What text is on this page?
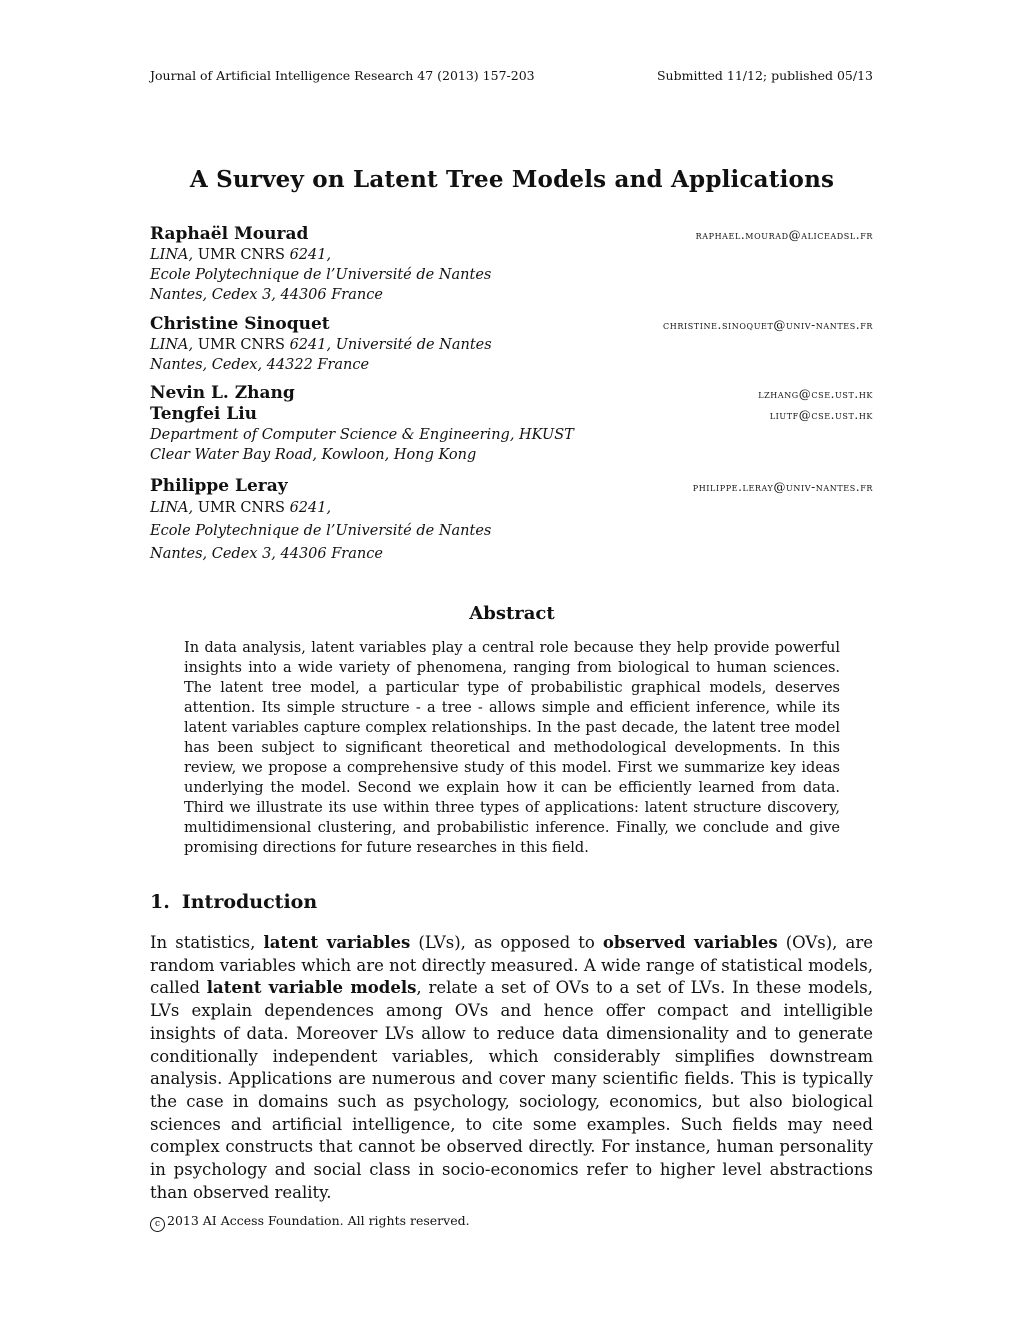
Journal of Artificial Intelligence Research 47 (2013) 157-203	Submitted 11/12; published 05/13
A Survey on Latent Tree Models and Applications
Raphaël Mourad	raphael.mourad@aliceadsl.fr
LINA, UMR CNRS 6241,
Ecole Polytechnique de l’Université de Nantes
Nantes, Cedex 3, 44306 France
Christine Sinoquet	christine.sinoquet@univ-nantes.fr
LINA, UMR CNRS 6241, Université de Nantes
Nantes, Cedex, 44322 France
Nevin L. Zhang	lzhang@cse.ust.hk
Tengfei Liu	liutf@cse.ust.hk
Department of Computer Science & Engineering, HKUST
Clear Water Bay Road, Kowloon, Hong Kong
Philippe Leray	philippe.leray@univ-nantes.fr
LINA, UMR CNRS 6241,
Ecole Polytechnique de l’Université de Nantes
Nantes, Cedex 3, 44306 France
Abstract
In data analysis, latent variables play a central role because they help provide powerful insights into a wide variety of phenomena, ranging from biological to human sciences. The latent tree model, a particular type of probabilistic graphical models, deserves attention. Its simple structure - a tree - allows simple and efficient inference, while its latent variables capture complex relationships. In the past decade, the latent tree model has been subject to significant theoretical and methodological developments. In this review, we propose a comprehensive study of this model. First we summarize key ideas underlying the model. Second we explain how it can be efficiently learned from data. Third we illustrate its use within three types of applications: latent structure discovery, multidimensional clustering, and probabilistic inference. Finally, we conclude and give promising directions for future researches in this field.
1. Introduction
In statistics, latent variables (LVs), as opposed to observed variables (OVs), are random variables which are not directly measured. A wide range of statistical models, called latent variable models, relate a set of OVs to a set of LVs. In these models, LVs explain dependences among OVs and hence offer compact and intelligible insights of data. Moreover LVs allow to reduce data dimensionality and to generate conditionally independent variables, which considerably simplifies downstream analysis. Applications are numerous and cover many scientific fields. This is typically the case in domains such as psychology, sociology, economics, but also biological sciences and artificial intelligence, to cite some examples. Such fields may need complex constructs that cannot be observed directly. For instance, human personality in psychology and social class in socio-economics refer to higher level abstractions than observed reality.
c 2013 AI Access Foundation. All rights reserved.
